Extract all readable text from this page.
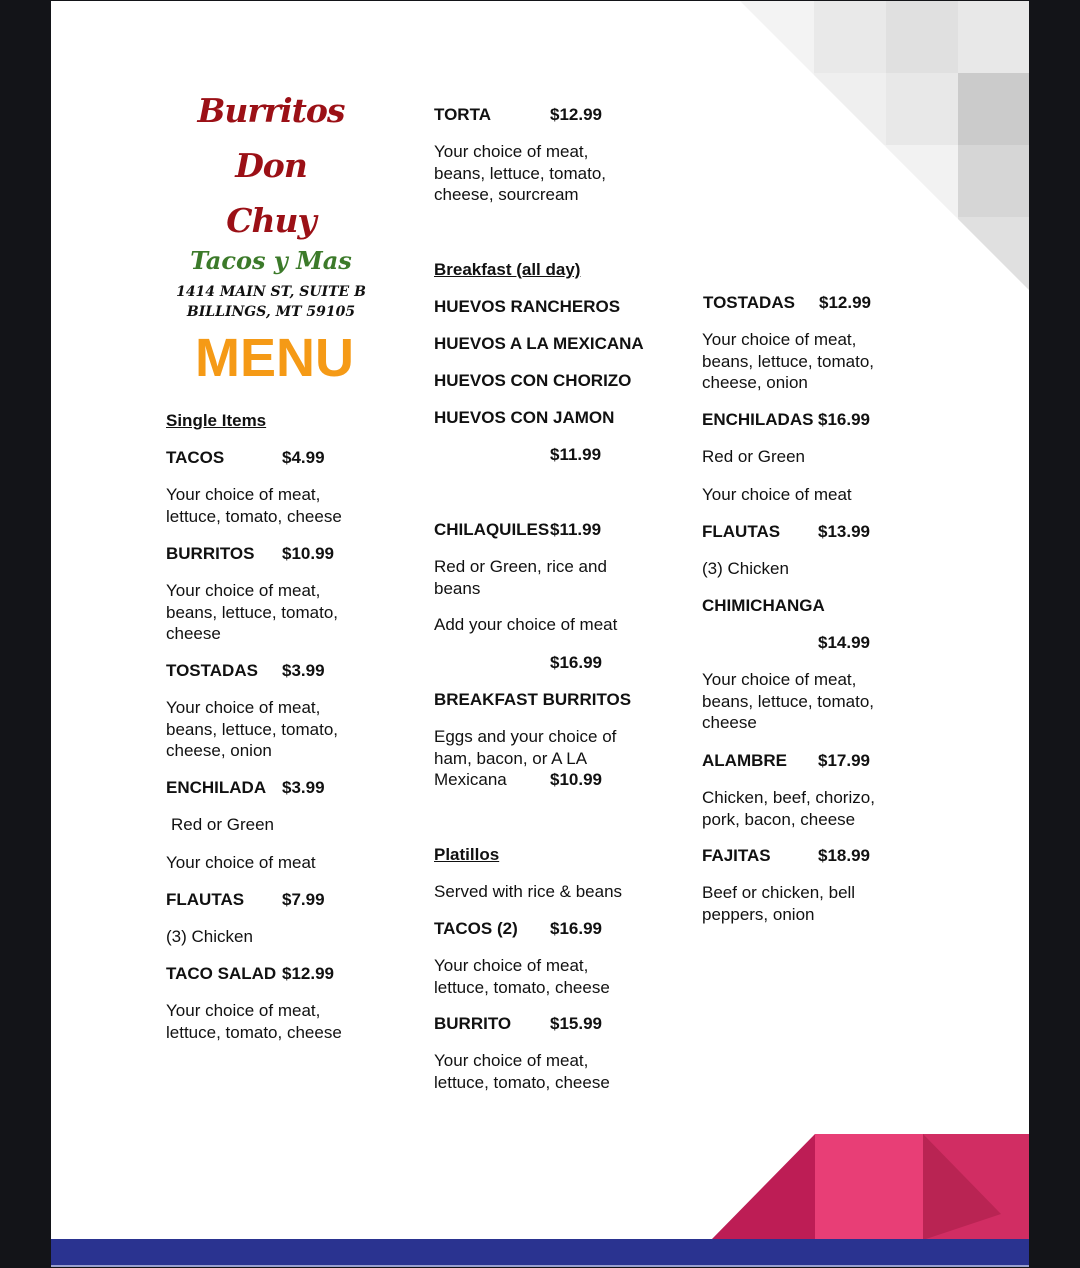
Burritos Don
Chuy
Tacos y Mas
1414 MAIN ST, SUITE B
BILLINGS, MT 59105
MENU
Single Items
TACOS	$4.99
Your choice of meat, lettuce, tomato, cheese
BURRITOS $10.99
Your choice of meat, beans, lettuce, tomato, cheese
TOSTADAS $3.99
Your choice of meat, beans, lettuce, tomato, cheese, onion
ENCHILADA $3.99
Red or Green
Your choice of meat
FLAUTAS $7.99
(3) Chicken
TACO SALAD $12.99
Your choice of meat, lettuce, tomato, cheese
TORTA	$12.99
Your choice of meat, beans, lettuce, tomato, cheese, sourcream
Breakfast (all day)
HUEVOS RANCHEROS
HUEVOS A LA MEXICANA
HUEVOS CON CHORIZO
HUEVOS CON JAMON
$11.99
CHILAQUILES $11.99
Red or Green, rice and beans
Add your choice of meat
$16.99
BREAKFAST BURRITOS
Eggs and your choice of ham, bacon, or A LA
Mexicana	$10.99
Platillos
Served with rice & beans
TACOS (2) $16.99
Your choice of meat, lettuce, tomato, cheese
BURRITO $15.99
Your choice of meat, lettuce, tomato, cheese
TOSTADAS $12.99
Your choice of meat, beans, lettuce, tomato, cheese, onion
ENCHILADAS $16.99
Red or Green
Your choice of meat
FLAUTAS $13.99
(3) Chicken
CHIMICHANGA
$14.99
Your choice of meat, beans, lettuce, tomato, cheese
ALAMBRE $17.99
Chicken, beef, chorizo, pork, bacon, cheese
FAJITAS	$18.99
Beef or chicken, bell peppers, onion
